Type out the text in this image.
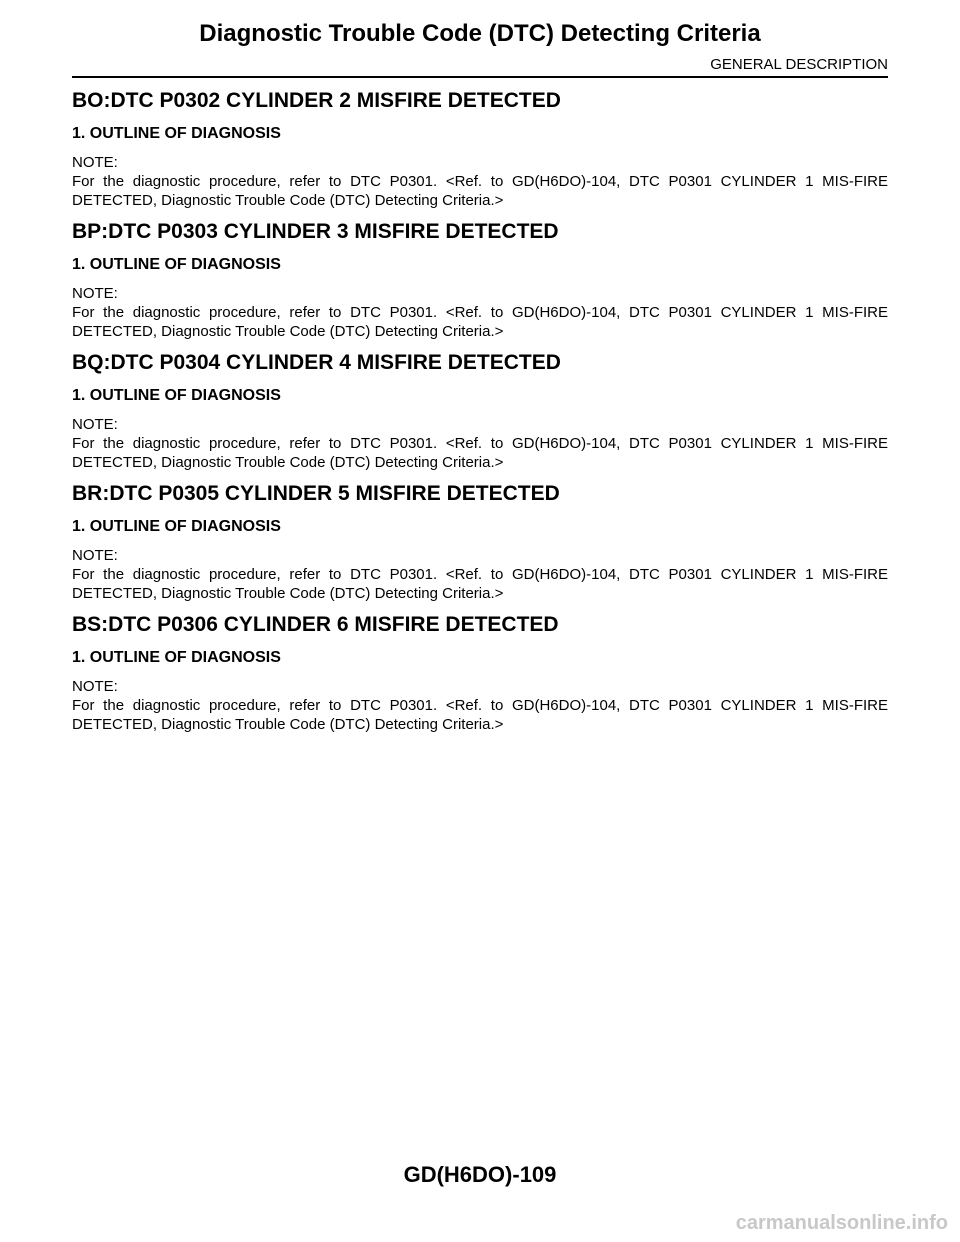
Diagnostic Trouble Code (DTC) Detecting Criteria
GENERAL DESCRIPTION
BO:DTC P0302 CYLINDER 2 MISFIRE DETECTED
1. OUTLINE OF DIAGNOSIS
NOTE:
For the diagnostic procedure, refer to DTC P0301. <Ref. to GD(H6DO)-104, DTC P0301 CYLINDER 1 MIS-FIRE DETECTED, Diagnostic Trouble Code (DTC) Detecting Criteria.>
BP:DTC P0303 CYLINDER 3 MISFIRE DETECTED
1. OUTLINE OF DIAGNOSIS
NOTE:
For the diagnostic procedure, refer to DTC P0301. <Ref. to GD(H6DO)-104, DTC P0301 CYLINDER 1 MIS-FIRE DETECTED, Diagnostic Trouble Code (DTC) Detecting Criteria.>
BQ:DTC P0304 CYLINDER 4 MISFIRE DETECTED
1. OUTLINE OF DIAGNOSIS
NOTE:
For the diagnostic procedure, refer to DTC P0301. <Ref. to GD(H6DO)-104, DTC P0301 CYLINDER 1 MIS-FIRE DETECTED, Diagnostic Trouble Code (DTC) Detecting Criteria.>
BR:DTC P0305 CYLINDER 5 MISFIRE DETECTED
1. OUTLINE OF DIAGNOSIS
NOTE:
For the diagnostic procedure, refer to DTC P0301. <Ref. to GD(H6DO)-104, DTC P0301 CYLINDER 1 MIS-FIRE DETECTED, Diagnostic Trouble Code (DTC) Detecting Criteria.>
BS:DTC P0306 CYLINDER 6 MISFIRE DETECTED
1. OUTLINE OF DIAGNOSIS
NOTE:
For the diagnostic procedure, refer to DTC P0301. <Ref. to GD(H6DO)-104, DTC P0301 CYLINDER 1 MIS-FIRE DETECTED, Diagnostic Trouble Code (DTC) Detecting Criteria.>
GD(H6DO)-109
carmanualsonline.info
